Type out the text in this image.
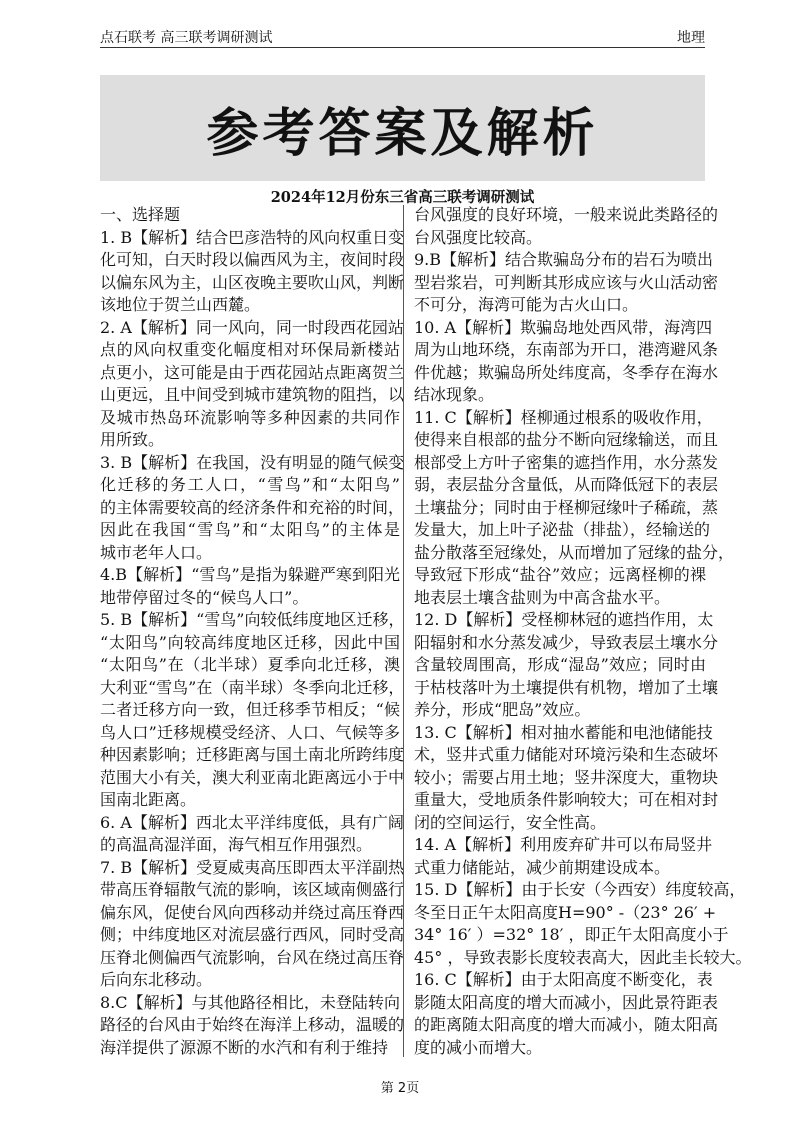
点石联考 高三联考调研测试	地理
参考答案及解析
2024年12月份东三省高三联考调研测试
一、选择题
1. B【解析】结合巴彦浩特的风向权重日变
化可知，白天时段以偏西风为主，夜间时段
以偏东风为主，山区夜晚主要吹山风，判断
该地位于贺兰山西麓。
2. A【解析】同一风向，同一时段西花园站
点的风向权重变化幅度相对环保局新楼站
点更小，这可能是由于西花园站点距离贺兰
山更远，且中间受到城市建筑物的阻挡，以
及城市热岛环流影响等多种因素的共同作
用所致。
3. B【解析】在我国，没有明显的随气候变
化迁移的务工人口，“雪鸟”和“太阳鸟”
的主体需要较高的经济条件和充裕的时间，
因此在我国“雪鸟”和“太阳鸟”的主体是
城市老年人口。
4.B【解析】“雪鸟”是指为躲避严寒到阳光
地带停留过冬的“候鸟人口”。
5. B【解析】“雪鸟”向较低纬度地区迁移，
“太阳鸟”向较高纬度地区迁移，因此中国
“太阳鸟”在（北半球）夏季向北迁移，澳
大利亚“雪鸟”在（南半球）冬季向北迁移，
二者迁移方向一致，但迁移季节相反；“候
鸟人口”迁移规模受经济、人口、气候等多
种因素影响；迁移距离与国土南北所跨纬度
范围大小有关，澳大利亚南北距离远小于中
国南北距离。
6. A【解析】西北太平洋纬度低，具有广阔
的高温高湿洋面，海气相互作用强烈。
7. B【解析】受夏威夷高压即西太平洋副热
带高压脊辐散气流的影响，该区域南侧盛行
偏东风，促使台风向西移动并绕过高压脊西
侧；中纬度地区对流层盛行西风，同时受高
压脊北侧偏西气流影响，台风在绕过高压脊
后向东北移动。
8.C【解析】与其他路径相比，未登陆转向
路径的台风由于始终在海洋上移动，温暖的
海洋提供了源源不断的水汽和有利于维持
台风强度的良好环境，一般来说此类路径的
台风强度比较高。
9.B【解析】结合欺骗岛分布的岩石为喷出
型岩浆岩，可判断其形成应该与火山活动密
不可分，海湾可能为古火山口。
10. A【解析】欺骗岛地处西风带，海湾四
周为山地环绕，东南部为开口，港湾避风条
件优越；欺骗岛所处纬度高，冬季存在海水
结冰现象。
11. C【解析】柽柳通过根系的吸收作用，
使得来自根部的盐分不断向冠缘输送，而且
根部受上方叶子密集的遮挡作用，水分蒸发
弱，表层盐分含量低，从而降低冠下的表层
土壤盐分；同时由于柽柳冠缘叶子稀疏，蒸
发量大，加上叶子泌盐（排盐），经输送的
盐分散落至冠缘处，从而增加了冠缘的盐分，
导致冠下形成“盐谷”效应；远离柽柳的裸
地表层土壤含盐则为中高含盐水平。
12. D【解析】受柽柳林冠的遮挡作用，太
阳辐射和水分蒸发减少，导致表层土壤水分
含量较周围高，形成“湿岛”效应；同时由
于枯枝落叶为土壤提供有机物，增加了土壤
养分，形成“肥岛”效应。
13. C【解析】相对抽水蓄能和电池储能技
术，竖井式重力储能对环境污染和生态破坏
较小；需要占用土地；竖井深度大，重物块
重量大，受地质条件影响较大；可在相对封
闭的空间运行，安全性高。
14. A【解析】利用废弃矿井可以布局竖井
式重力储能站，减少前期建设成本。
15. D【解析】由于长安（今西安）纬度较高，
冬至日正午太阳高度H=90° -（23° 26′ +
34° 16′ ）=32° 18′ ，即正午太阳高度小于
45° ，导致表影长度较表高大，因此圭长较大。
16. C【解析】由于太阳高度不断变化，表
影随太阳高度的增大而减小，因此景符距表
的距离随太阳高度的增大而减小，随太阳高
度的减小而增大。
第 2页
